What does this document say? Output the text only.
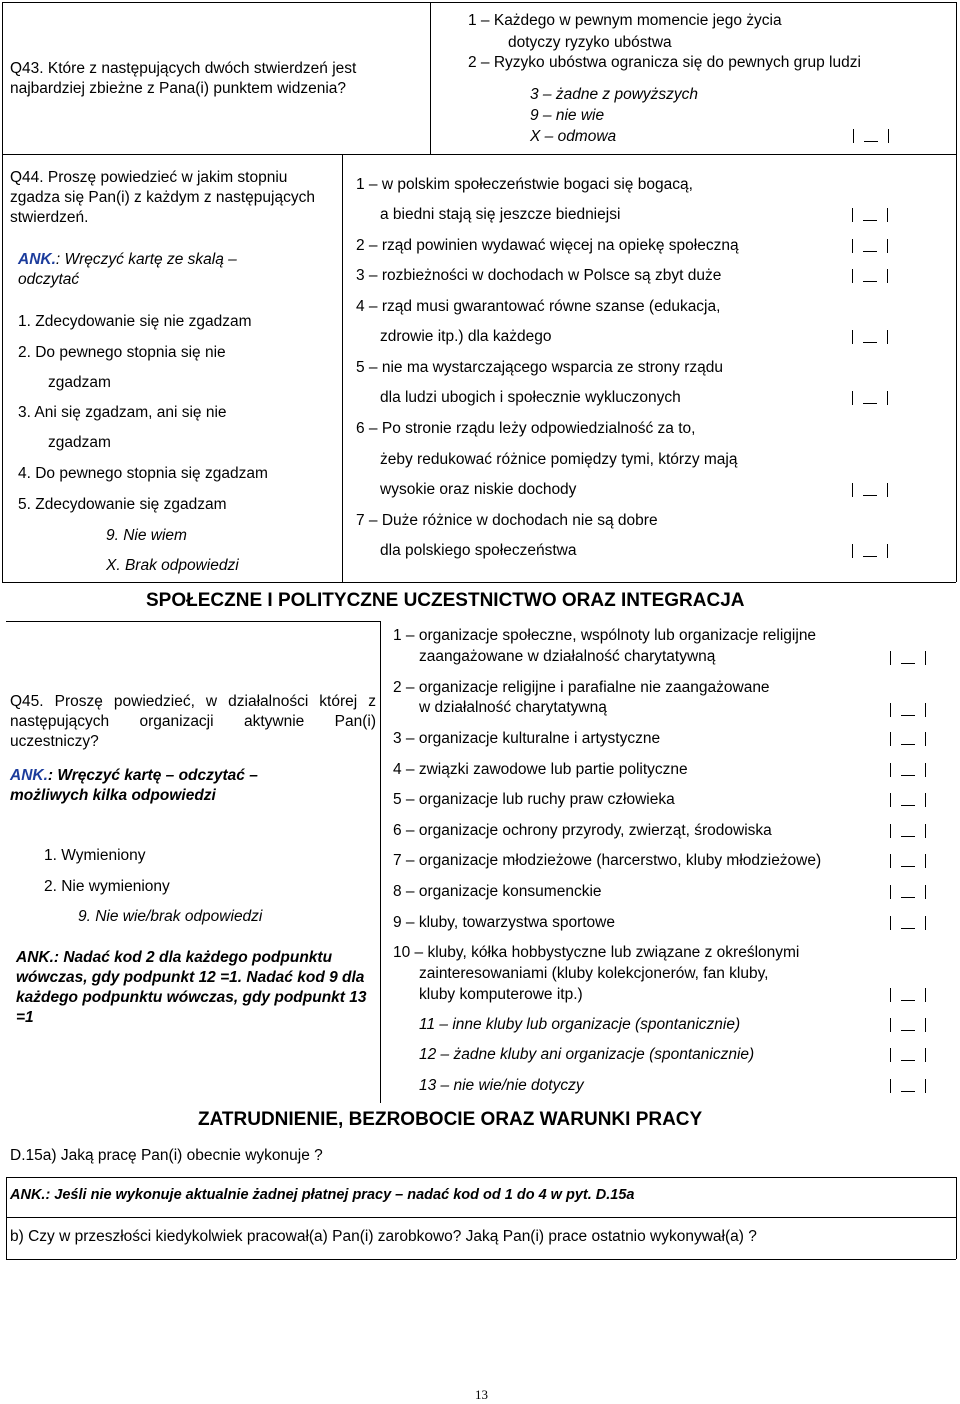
Q43. Które z następujących dwóch stwierdzeń jest najbardziej zbieżne z Pana(i) punktem widzenia?
1 – Każdego w pewnym momencie jego życia
dotyczy ryzyko ubóstwa
2 – Ryzyko ubóstwa ogranicza się do pewnych grup ludzi
3 – żadne z powyższych
9 – nie wie
X – odmowa
Q44. Proszę powiedzieć w jakim stopniu zgadza się Pan(i) z każdym z następujących stwierdzeń.
ANK.: Wręczyć kartę ze skalą – odczytać
1. Zdecydowanie się nie zgadzam
2. Do pewnego stopnia się nie
zgadzam
3. Ani się zgadzam, ani się nie
zgadzam
4. Do pewnego stopnia się zgadzam
5. Zdecydowanie się zgadzam
9. Nie wiem
X. Brak odpowiedzi
1 – w polskim społeczeństwie bogaci się bogacą,
a biedni stają się jeszcze biedniejsi
2 – rząd powinien wydawać więcej na opiekę społeczną
3 – rozbieżności w dochodach w Polsce są zbyt duże
4 – rząd musi gwarantować równe szanse (edukacja,
zdrowie itp.) dla każdego
5 – nie ma wystarczającego wsparcia ze strony rządu
dla ludzi ubogich i społecznie wykluczonych
6 – Po stronie rządu leży odpowiedzialność za to,
żeby redukować różnice pomiędzy tymi, którzy mają
wysokie oraz niskie dochody
7 – Duże różnice w dochodach nie są dobre
dla polskiego społeczeństwa
SPOŁECZNE I POLITYCZNE UCZESTNICTWO ORAZ INTEGRACJA
Q45. Proszę powiedzieć, w działalności której z następujących organizacji aktywnie Pan(i) uczestniczy?
ANK.: Wręczyć kartę – odczytać – możliwych kilka odpowiedzi
1. Wymieniony
2. Nie wymieniony
9. Nie wie/brak odpowiedzi
ANK.: Nadać kod 2 dla każdego podpunktu wówczas, gdy podpunkt 12 =1. Nadać kod 9 dla każdego podpunktu wówczas, gdy podpunkt 13 =1
1 – organizacje społeczne, wspólnoty lub organizacje religijne
zaangażowane w działalność charytatywną
2 – organizacje religijne i parafialne nie zaangażowane
w działalność charytatywną
3 – organizacje kulturalne i artystyczne
4 – związki zawodowe lub partie polityczne
5 – organizacje lub ruchy praw człowieka
6 – organizacje ochrony przyrody, zwierząt, środowiska
7 – organizacje młodzieżowe (harcerstwo, kluby młodzieżowe)
8 – organizacje konsumenckie
9 – kluby, towarzystwa sportowe
10 – kluby, kółka hobbystyczne lub związane z określonymi
zainteresowaniami (kluby kolekcjonerów, fan kluby,
kluby komputerowe itp.)
11 – inne kluby lub organizacje (spontanicznie)
12 – żadne kluby ani organizacje (spontanicznie)
13 – nie wie/nie dotyczy
ZATRUDNIENIE, BEZROBOCIE ORAZ WARUNKI PRACY
D.15a) Jaką pracę Pan(i) obecnie wykonuje ?
ANK.: Jeśli nie wykonuje aktualnie żadnej płatnej pracy – nadać kod od 1 do 4 w pyt. D.15a
b) Czy w przeszłości kiedykolwiek pracował(a) Pan(i) zarobkowo? Jaką Pan(i) prace ostatnio wykonywał(a) ?
13
